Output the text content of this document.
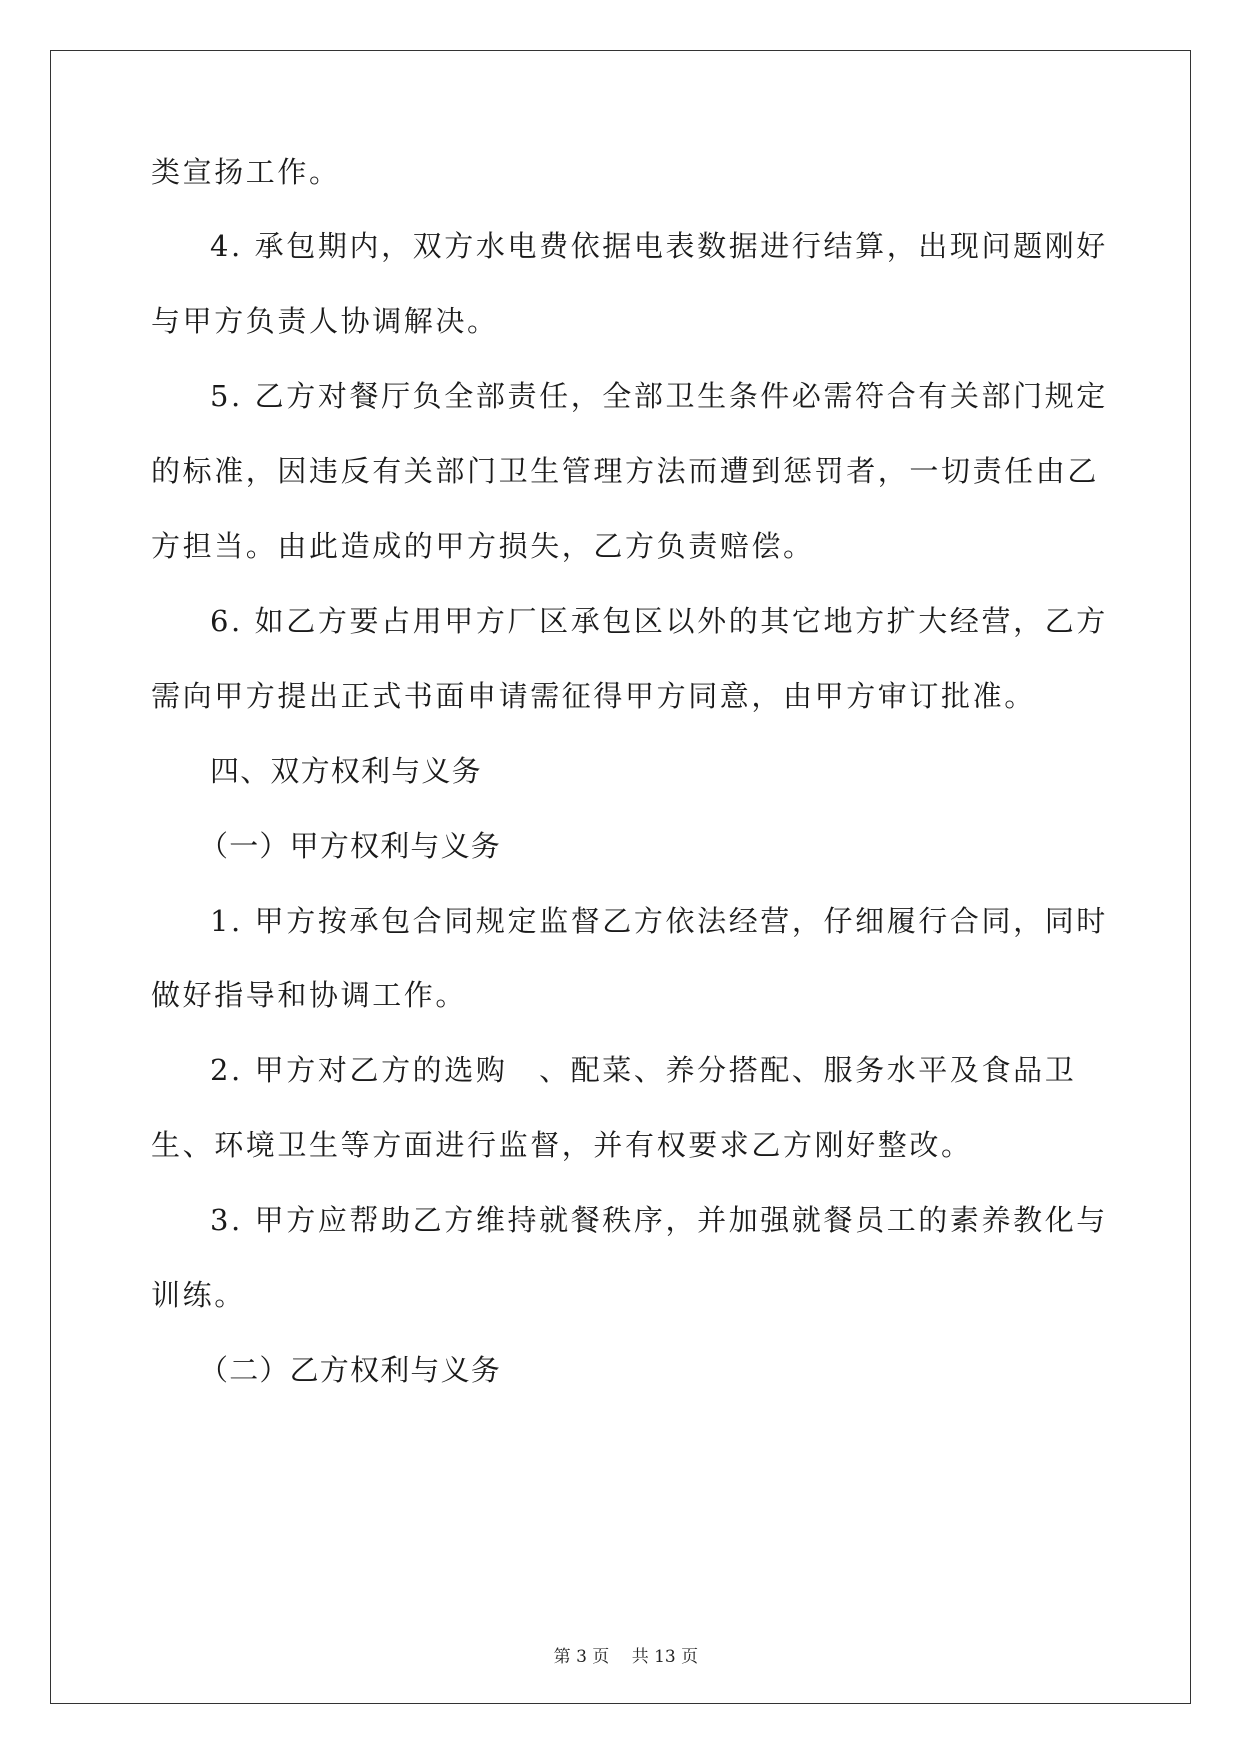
类宣扬工作。
4. 承包期内，双方水电费依据电表数据进行结算，出现问题刚好
与甲方负责人协调解决。
5. 乙方对餐厅负全部责任，全部卫生条件必需符合有关部门规定
的标准，因违反有关部门卫生管理方法而遭到惩罚者，一切责任由乙
方担当。由此造成的甲方损失，乙方负责赔偿。
6. 如乙方要占用甲方厂区承包区以外的其它地方扩大经营，乙方
需向甲方提出正式书面申请需征得甲方同意，由甲方审订批准。
四、双方权利与义务
（一）甲方权利与义务
1. 甲方按承包合同规定监督乙方依法经营，仔细履行合同，同时
做好指导和协调工作。
2. 甲方对乙方的选购　、配菜、养分搭配、服务水平及食品卫
生、环境卫生等方面进行监督，并有权要求乙方刚好整改。
3. 甲方应帮助乙方维持就餐秩序，并加强就餐员工的素养教化与
训练。
（二）乙方权利与义务

第 3 页　 共 13 页
